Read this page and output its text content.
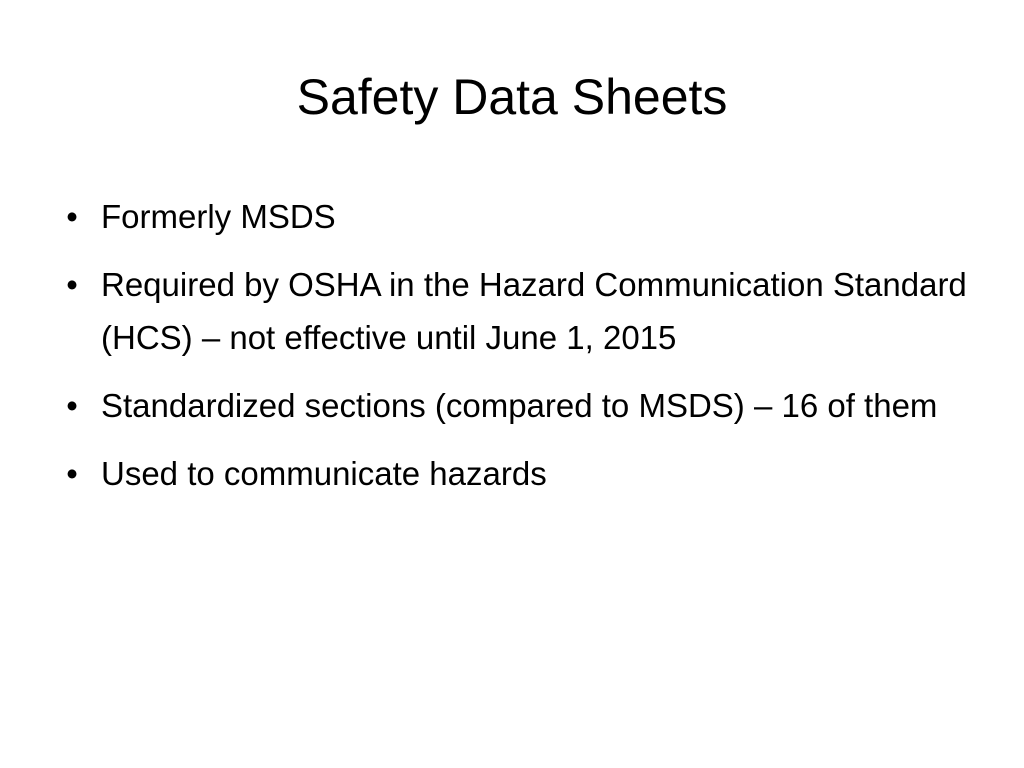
Safety Data Sheets
• Formerly MSDS
• Required by OSHA in the Hazard Communication Standard (HCS) – not effective until June 1, 2015
• Standardized sections (compared to MSDS) – 16 of them
• Used to communicate hazards
